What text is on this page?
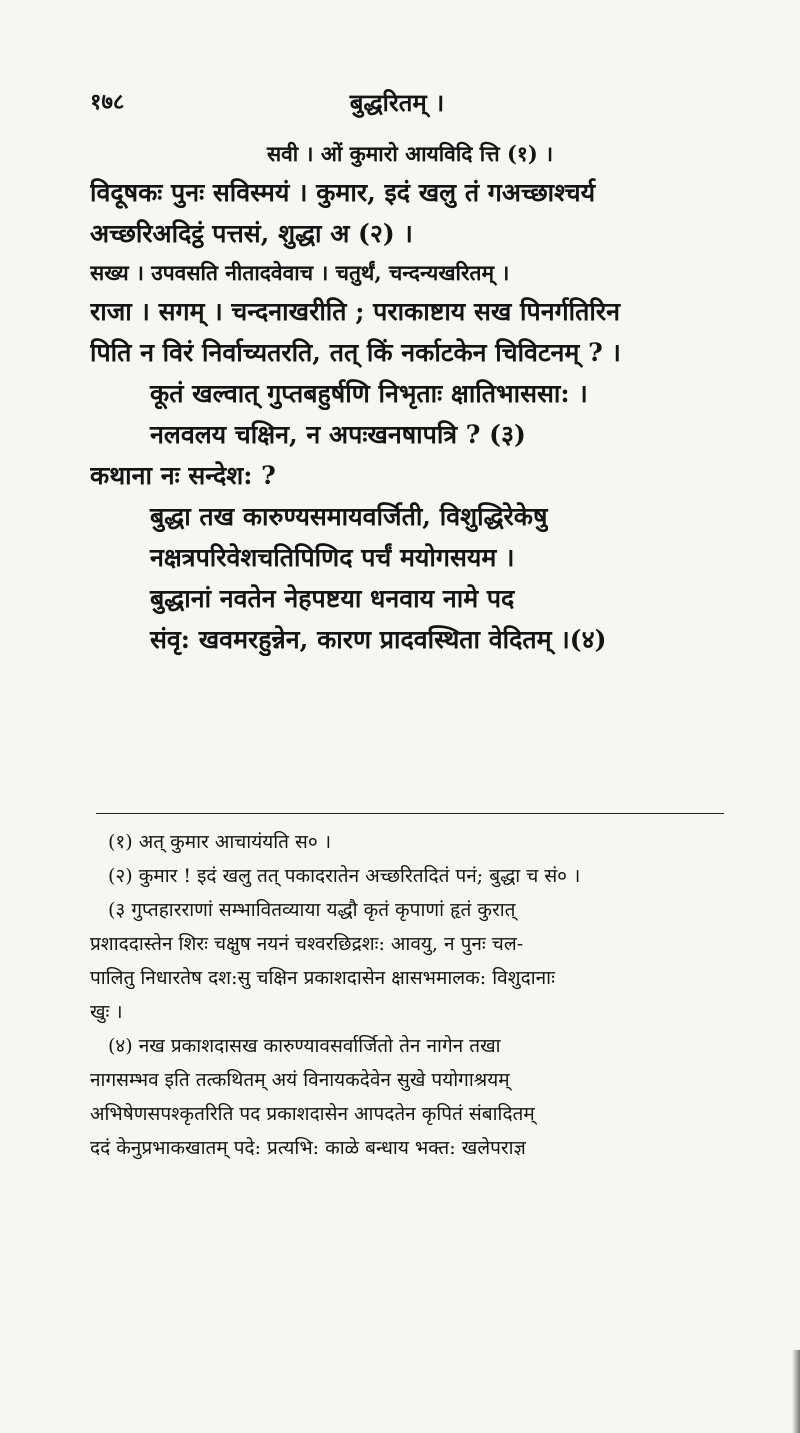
१७८	बुद्धरितम् ।
सवी । ओं कुमारो आयविदि त्ति (१) ।
विदूषकः पुनः सविस्मयं । कुमार, इदं खलु तं गअच्छाश्चर्य
अच्छरिअदिट्ठं पत्तसं, शुद्धा अ (२) ।
सख्य । उपवसति नीतादवेवाच । चतुर्थं, चन्दन्यखरितम् ।
राजा । सगम् । चन्दनाखरीति ; पराकाष्टाय सख पिनर्गतिरिन
पिति न विरं निर्वाच्यतरति, तत् किं नर्काटकेन चिविटनम् ? ।
कूतं खल्वात् गुप्तबहुर्षणि निभृताः क्षातिभाससा: ।
नलवलय चक्षिन, न अपःखनषापत्रि ? (३)
कथाना नः सन्देश: ?
बुद्धा तख कारुण्यसमायवर्जिती, विशुद्धिरेकेषु
नक्षत्रपरिवेशचतिपिणिद पर्चं मयोगसयम ।
बुद्धानां नवतेन नेहपष्टया धनवाय नामे पद
संवृ: खवमरहुन्नेन, कारण प्रादवस्थिता वेदितम् ।(४)
(१) अत् कुमार आचायंयति स० ।
(२) कुमार ! इदं खलु तत् पकादरातेन अच्छरितदितं पनं; बुद्धा च सं० ।
(३ गुप्तहारराणां सम्भावितव्याया यद्धौ कृतं कृपाणां हृतं कुरात्
प्रशाददास्तेन शिरः चक्षुष नयनं चश्वरछिद्रशः: आवयु, न पुनः चल-
पालितु निधारतेष दश:सु चक्षिन प्रकाशदासेन क्षासभमालक: विशुदानाः
खुः ।
(४) नख प्रकाशदासख कारुण्यावसर्वार्जितो तेन नागेन तखा
नागसम्भव इति तत्कथितम् अयं विनायकदेवेन सुखे पयोगाश्रयम्
अभिषेणसपश्कृतरिति पद प्रकाशदासेन आपदतेन कृपितं संबादितम्
ददं केनुप्रभाकखातम् पदे: प्रत्यभि: काळे बन्धाय भक्त: खलेपराज्ञ
